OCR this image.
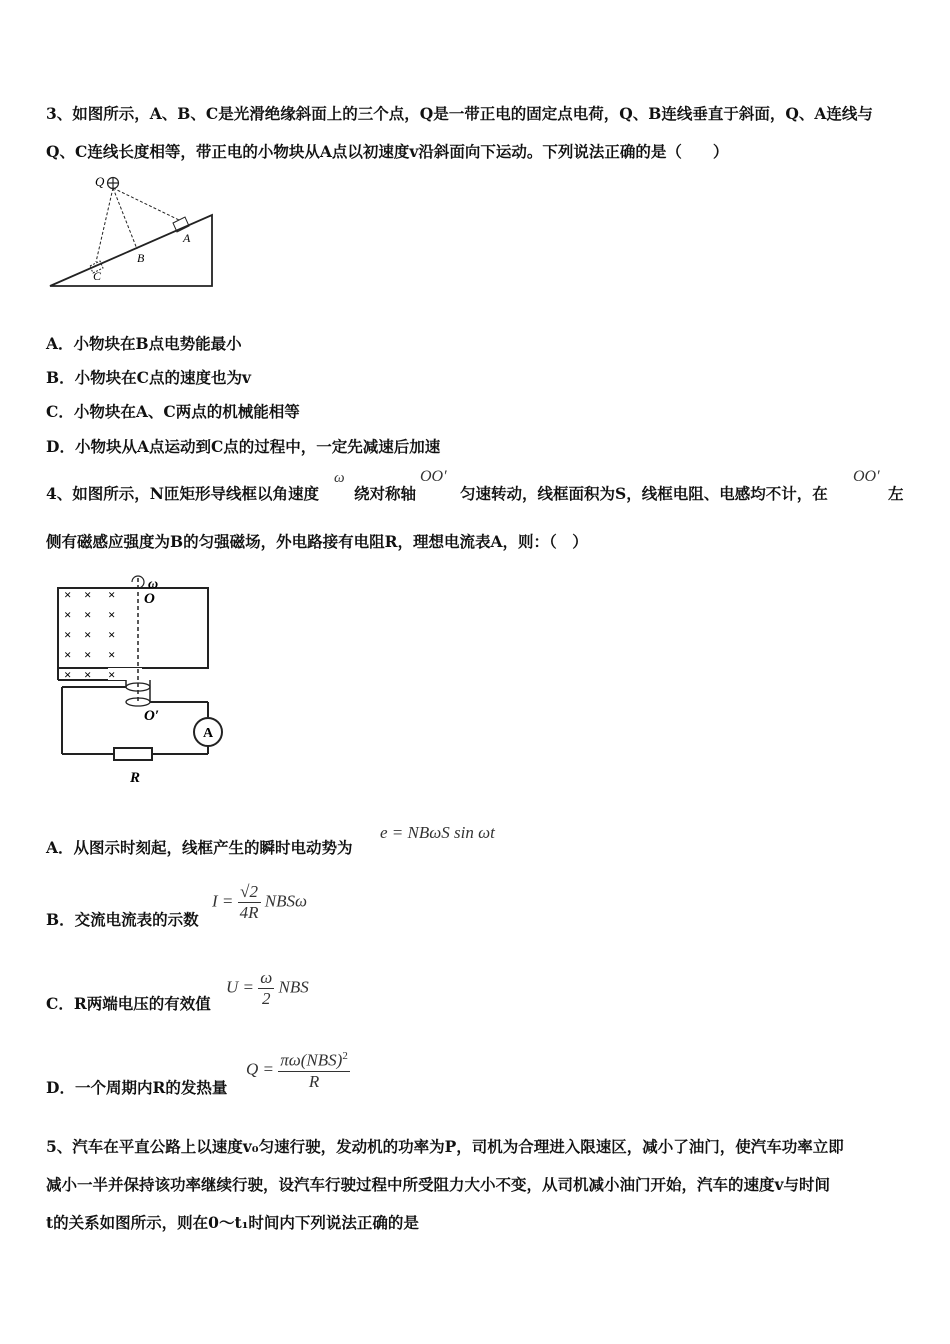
3、如图所示，A、B、C是光滑绝缘斜面上的三个点，Q是一带正电的固定点电荷，Q、B连线垂直于斜面，Q、A连线与
Q、C连线长度相等，带正电的小物块从A点以初速度v沿斜面向下运动。下列说法正确的是（　　）
Q
A
B
C
A．小物块在B点电势能最小
B．小物块在C点的速度也为v
C．小物块在A、C两点的机械能相等
D．小物块从A点运动到C点的过程中，一定先减速后加速
4、如图所示，N匝矩形导线框以角速度
ω
绕对称轴
OO′
匀速转动，线框面积为S，线框电阻、电感均不计，在
OO′
左
侧有磁感应强度为B的匀强磁场，外电路接有电阻R，理想电流表A，则：（　）
ω
O
O′
A
R
× × ×
× × ×
× × ×
× × ×
× × ×
A．从图示时刻起，线框产生的瞬时电动势为
e = NBωS sin ωt
B．交流电流表的示数
$I = \frac{√2}{4R}$ NBSω
C．R两端电压的有效值
$U = \frac{\omega}{2}$ NBS
D．一个周期内R的发热量
$Q = \frac{\pi\omega(NBS)^2}{R}$
5、汽车在平直公路上以速度v₀匀速行驶，发动机的功率为P，司机为合理进入限速区，减小了油门，使汽车功率立即
减小一半并保持该功率继续行驶，设汽车行驶过程中所受阻力大小不变，从司机减小油门开始，汽车的速度v与时间
t的关系如图所示，则在0～t₁时间内下列说法正确的是
